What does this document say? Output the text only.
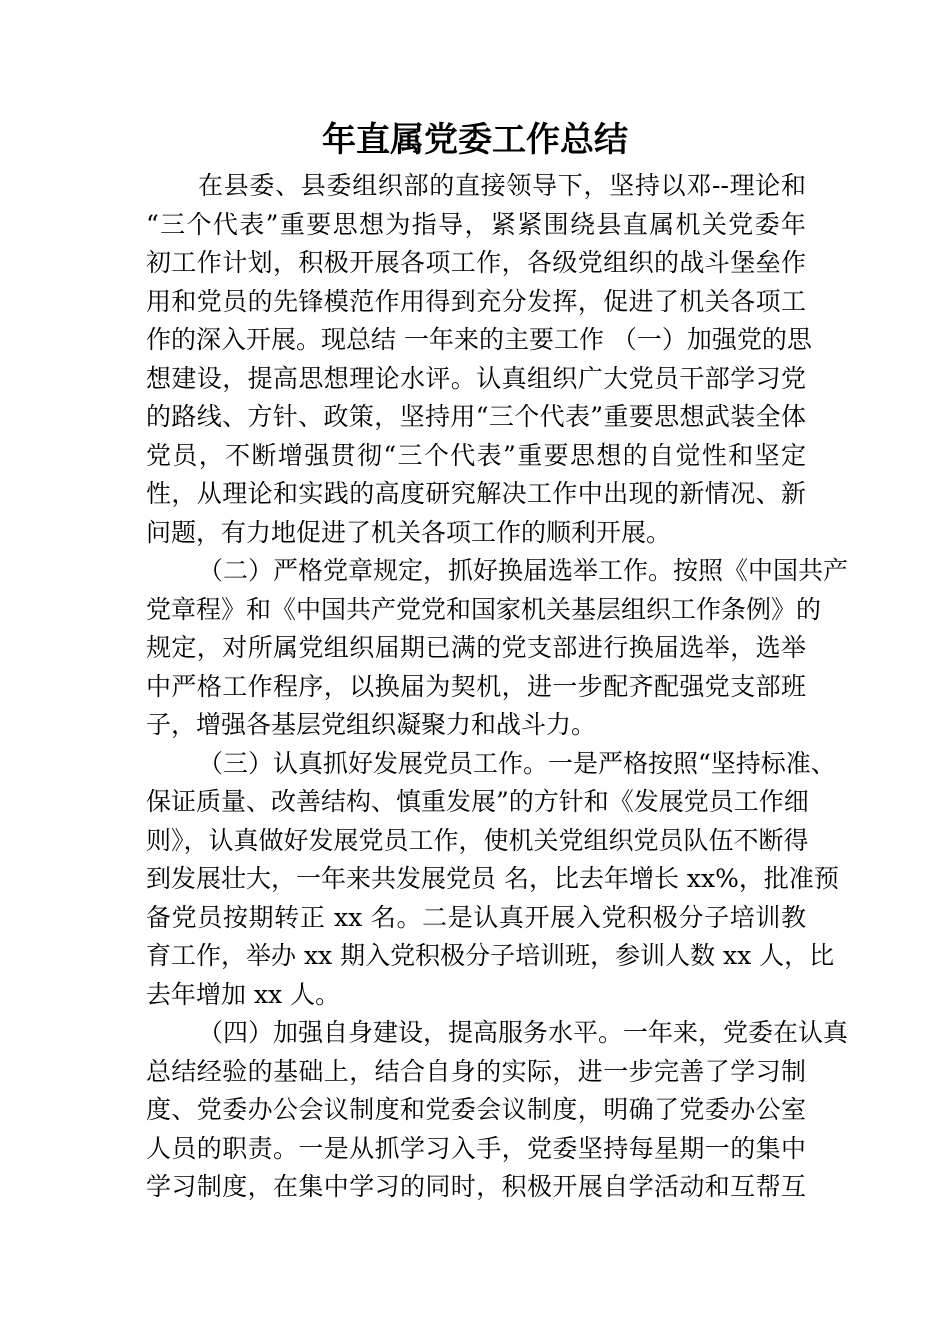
年直属党委工作总结
在县委、县委组织部的直接领导下，坚持以邓--理论和
“三个代表”重要思想为指导，紧紧围绕县直属机关党委年
初工作计划，积极开展各项工作，各级党组织的战斗堡垒作
用和党员的先锋模范作用得到充分发挥，促进了机关各项工
作的深入开展。现总结 一年来的主要工作 （一）加强党的思
想建设，提高思想理论水评。认真组织广大党员干部学习党
的路线、方针、政策，坚持用“三个代表”重要思想武装全体
党员，不断增强贯彻“三个代表”重要思想的自觉性和坚定
性，从理论和实践的高度研究解决工作中出现的新情况、新
问题，有力地促进了机关各项工作的顺利开展。
（二）严格党章规定，抓好换届选举工作。按照《中国共产
党章程》和《中国共产党党和国家机关基层组织工作条例》的
规定，对所属党组织届期已满的党支部进行换届选举，选举
中严格工作程序，以换届为契机，进一步配齐配强党支部班
子，增强各基层党组织凝聚力和战斗力。
（三）认真抓好发展党员工作。一是严格按照“坚持标准、
保证质量、改善结构、慎重发展”的方针和《发展党员工作细
则》，认真做好发展党员工作，使机关党组织党员队伍不断得
到发展壮大，一年来共发展党员 名，比去年增长 xx%，批准预
备党员按期转正 xx 名。二是认真开展入党积极分子培训教
育工作，举办 xx 期入党积极分子培训班，参训人数 xx 人，比
去年增加 xx 人。
（四）加强自身建设，提高服务水平。一年来，党委在认真
总结经验的基础上，结合自身的实际，进一步完善了学习制
度、党委办公会议制度和党委会议制度，明确了党委办公室
人员的职责。一是从抓学习入手，党委坚持每星期一的集中
学习制度，在集中学习的同时，积极开展自学活动和互帮互
